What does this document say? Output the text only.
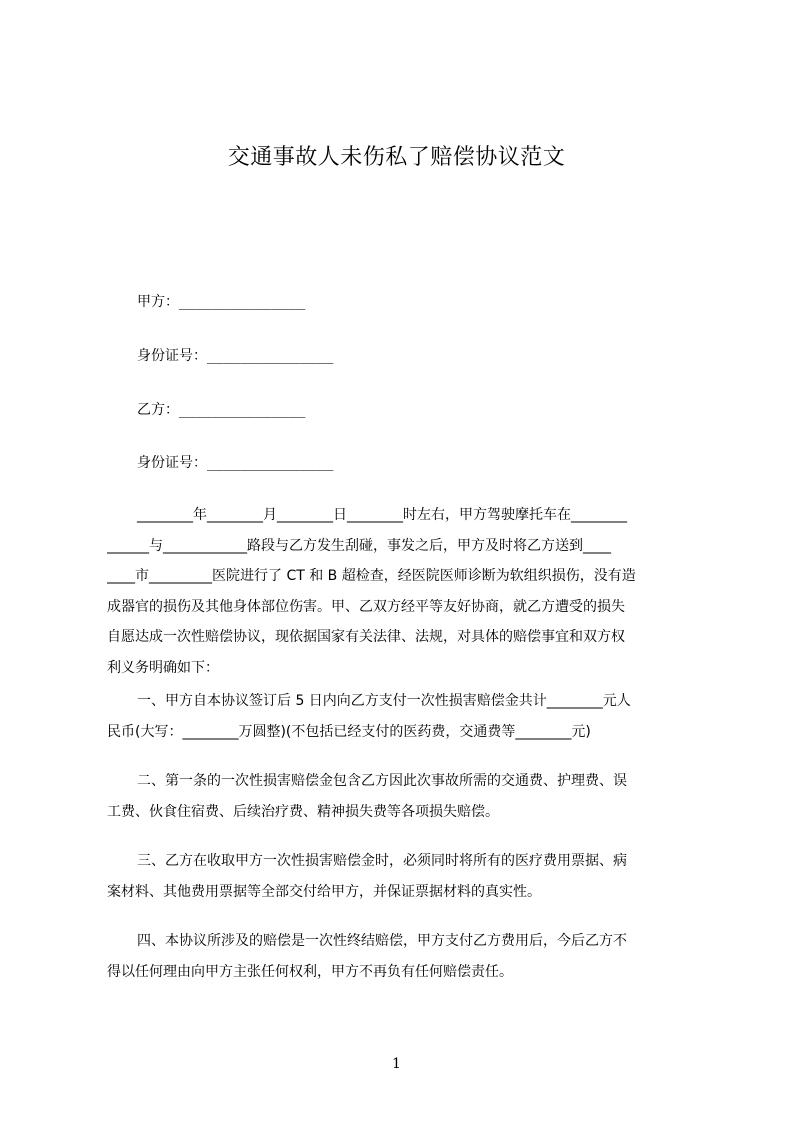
交通事故人未伤私了赔偿协议范文
甲方：_______________
身份证号：_______________
乙方：_______________
身份证号：_______________
________年________月________日________时左右，甲方驾驶摩托车在________
______与____________路段与乙方发生刮碰，事发之后，甲方及时将乙方送到____
____市_________医院进行了 CT 和 B 超检查，经医院医师诊断为软组织损伤，没有造
成器官的损伤及其他身体部位伤害。甲、乙双方经平等友好协商，就乙方遭受的损失
自愿达成一次性赔偿协议，现依据国家有关法律、法规，对具体的赔偿事宜和双方权
利义务明确如下：
一、甲方自本协议签订后 5 日内向乙方支付一次性损害赔偿金共计________元人
民币(大写：________万圆整)(不包括已经支付的医药费，交通费等________元)
二、第一条的一次性损害赔偿金包含乙方因此次事故所需的交通费、护理费、误
工费、伙食住宿费、后续治疗费、精神损失费等各项损失赔偿。
三、乙方在收取甲方一次性损害赔偿金时，必须同时将所有的医疗费用票据、病
案材料、其他费用票据等全部交付给甲方，并保证票据材料的真实性。
四、本协议所涉及的赔偿是一次性终结赔偿，甲方支付乙方费用后，今后乙方不
得以任何理由向甲方主张任何权利，甲方不再负有任何赔偿责任。
1
